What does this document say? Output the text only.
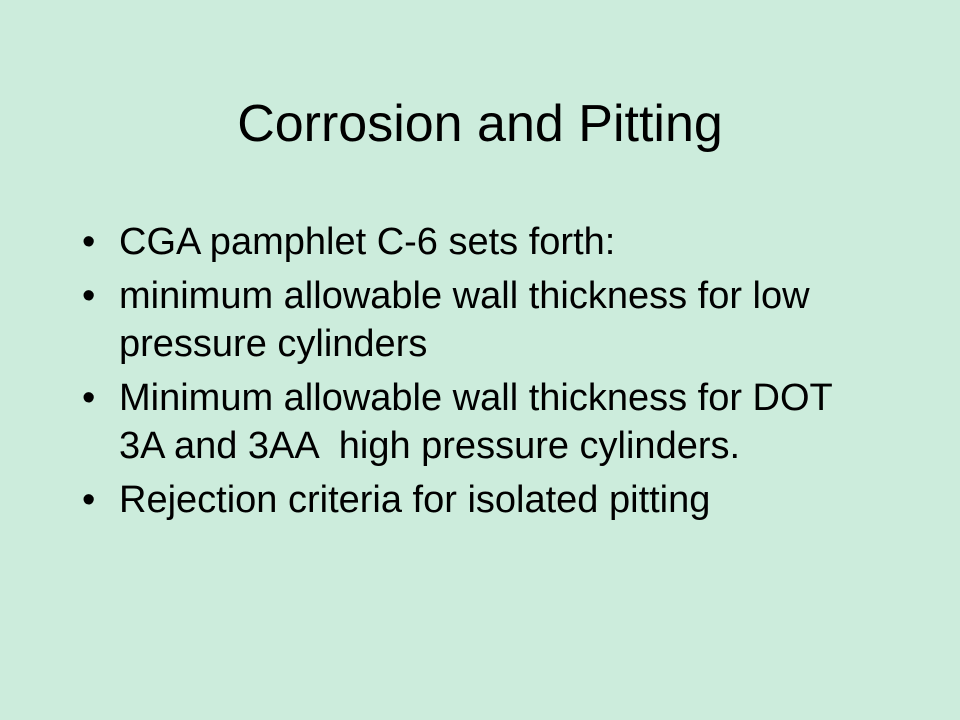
Corrosion and Pitting
• CGA pamphlet C-6 sets forth:
• minimum allowable wall thickness for low pressure cylinders
• Minimum allowable wall thickness for DOT 3A and 3AA  high pressure cylinders.
• Rejection criteria for isolated pitting
